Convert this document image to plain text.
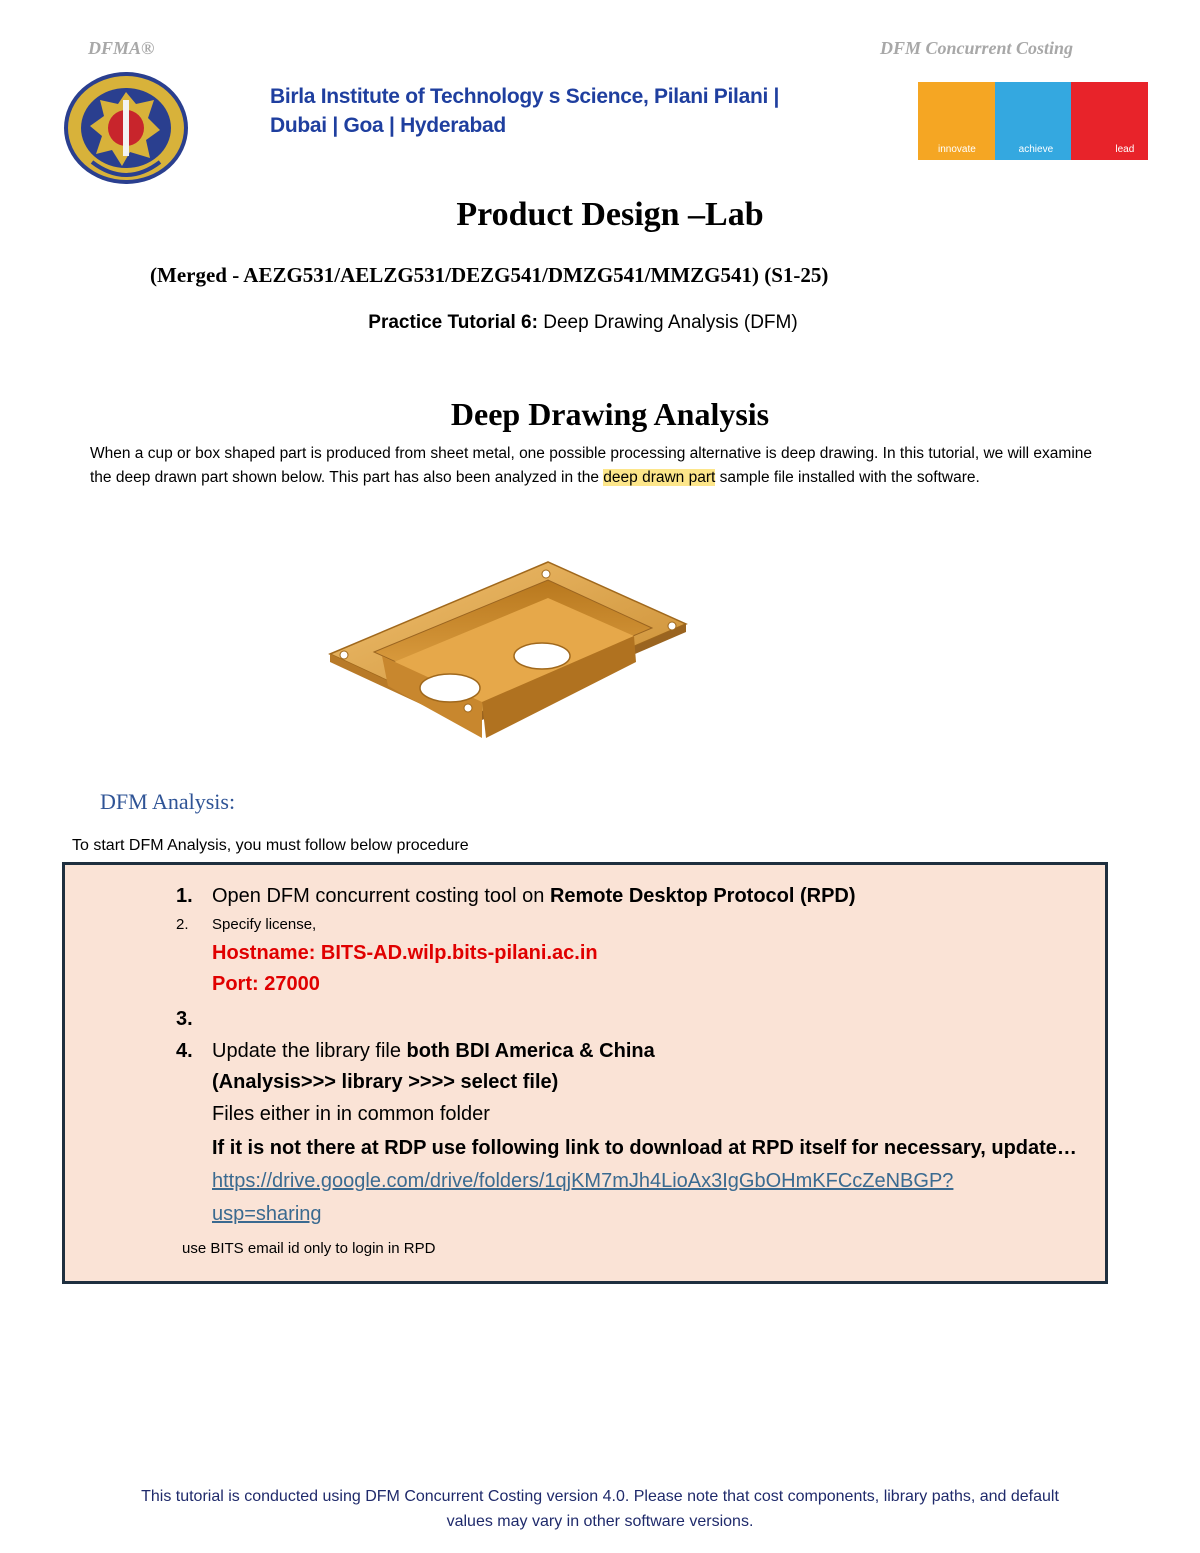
DFMA®	DFM Concurrent Costing
Birla Institute of Technology s Science, Pilani Pilani |
Dubai | Goa | Hyderabad
innovate	achieve	lead
Product Design –Lab
(Merged - AEZG531/AELZG531/DEZG541/DMZG541/MMZG541) (S1-25)
Practice Tutorial 6: Deep Drawing Analysis (DFM)
Deep Drawing Analysis
When a cup or box shaped part is produced from sheet metal, one possible processing alternative is deep drawing. In this tutorial, we will examine the deep drawn part shown below. This part has also been analyzed in the deep drawn part sample file installed with the software.
DFM Analysis:
To start DFM Analysis, you must follow below procedure
1. Open DFM concurrent costing tool on Remote Desktop Protocol (RPD)
2. Specify license,
Hostname: BITS-AD.wilp.bits-pilani.ac.in
Port: 27000
3.
4. Update the library file both BDI America & China
(Analysis>>> library >>>> select file)
Files either in in common folder
If it is not there at RDP use following link to download at RPD itself for necessary, update…
https://drive.google.com/drive/folders/1qjKM7mJh4LioAx3IgGbOHmKFCcZeNBGP?
usp=sharing
use BITS email id only to login in RPD
This tutorial is conducted using DFM Concurrent Costing version 4.0. Please note that cost components, library paths, and default
values may vary in other software versions.
